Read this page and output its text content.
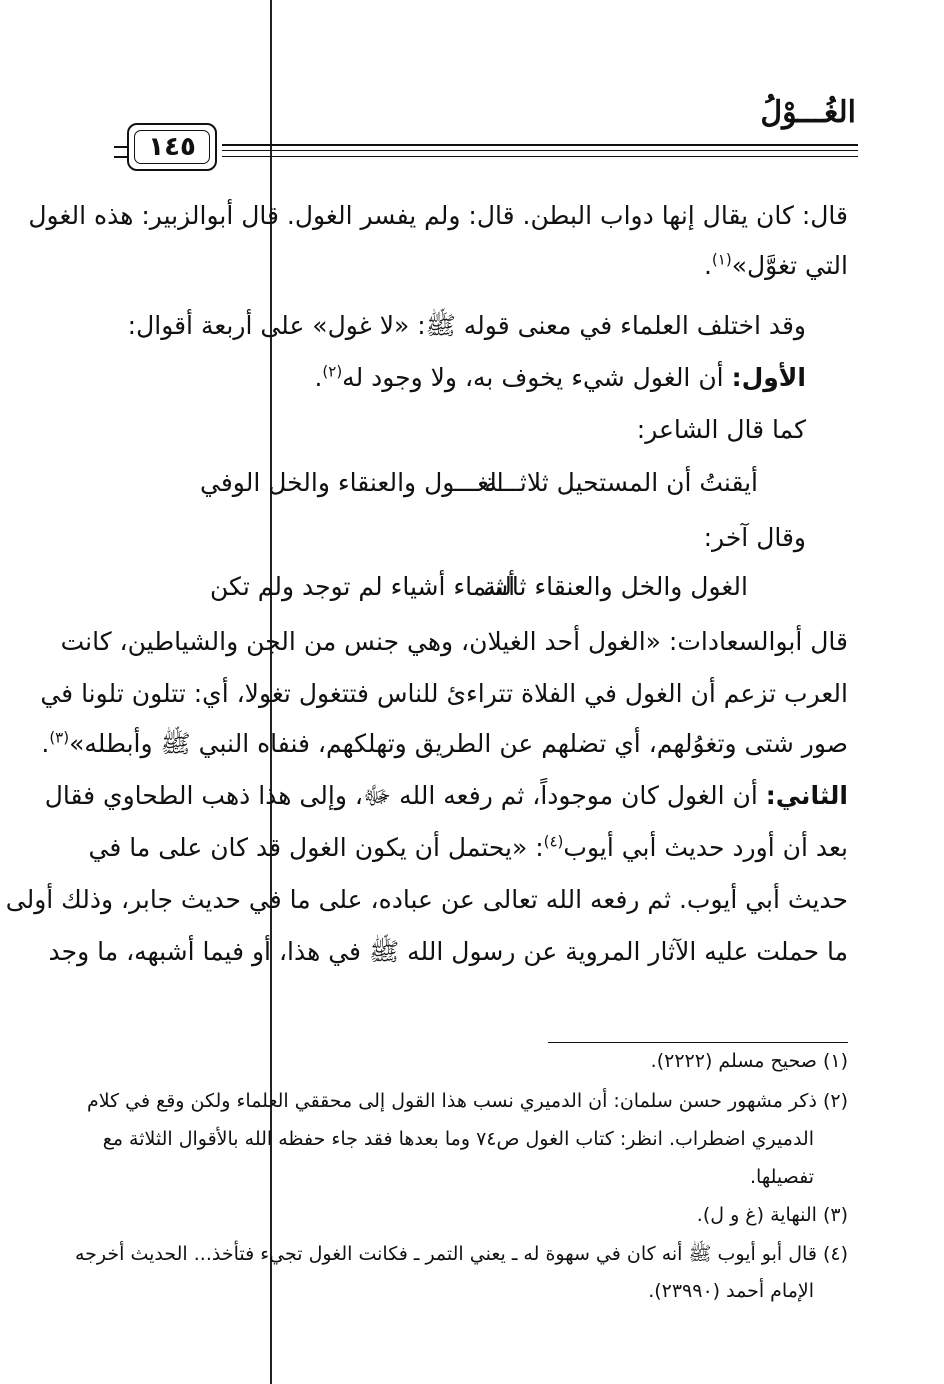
الغُـــوْلُ
١٤٥
قال: كان يقال إنها دواب البطن. قال: ولم يفسر الغول. قال أبوالزبير: هذه الغول
التي تغوَّل»$^{(١)}$.
وقد اختلف العلماء في معنى قوله ﷺ: «لا غول» على أربعة أقوال:
الأول: أن الغول شيء يخوف به، ولا وجود له$^{(٢)}$.
كما قال الشاعر:
أيقنتُ أن المستحيل ثلاثـــة
الغـــول والعنقاء والخل الوفي
وقال آخر:
الغول والخل والعنقاء ثالثة
أسماء أشياء لم توجد ولم تكن
قال أبوالسعادات: «الغول أحد الغيلان، وهي جنس من الجن والشياطين، كانت
العرب تزعم أن الغول في الفلاة تتراءئ للناس فتتغول تغولا، أي: تتلون تلونا في
صور شتى وتغوُلهم، أي تضلهم عن الطريق وتهلكهم، فنفاه النبي ﷺ وأبطله»$^{(٣)}$.
الثاني: أن الغول كان موجوداً، ثم رفعه الله ﷻ، وإلى هذا ذهب الطحاوي فقال
بعد أن أورد حديث أبي أيوب$^{(٤)}$: «يحتمل أن يكون الغول قد كان على ما في
حديث أبي أيوب. ثم رفعه الله تعالى عن عباده، على ما في حديث جابر، وذلك أولى
ما حملت عليه الآثار المروية عن رسول الله ﷺ في هذا، أو فيما أشبهه، ما وجد
(١) صحيح مسلم (٢٢٢٢).
(٢) ذكر مشهور حسن سلمان: أن الدميري نسب هذا القول إلى محققي العلماء ولكن وقع في كلام
الدميري اضطراب. انظر: كتاب الغول ص٧٤ وما بعدها فقد جاء حفظه الله بالأقوال الثلاثة مع
تفصيلها.
(٣) النهاية (غ و ل).
(٤) قال أبو أيوب ﷺ أنه كان في سهوة له ـ يعني التمر ـ فكانت الغول تجيء فتأخذ... الحديث أخرجه
الإمام أحمد (٢٣٩٩٠).
